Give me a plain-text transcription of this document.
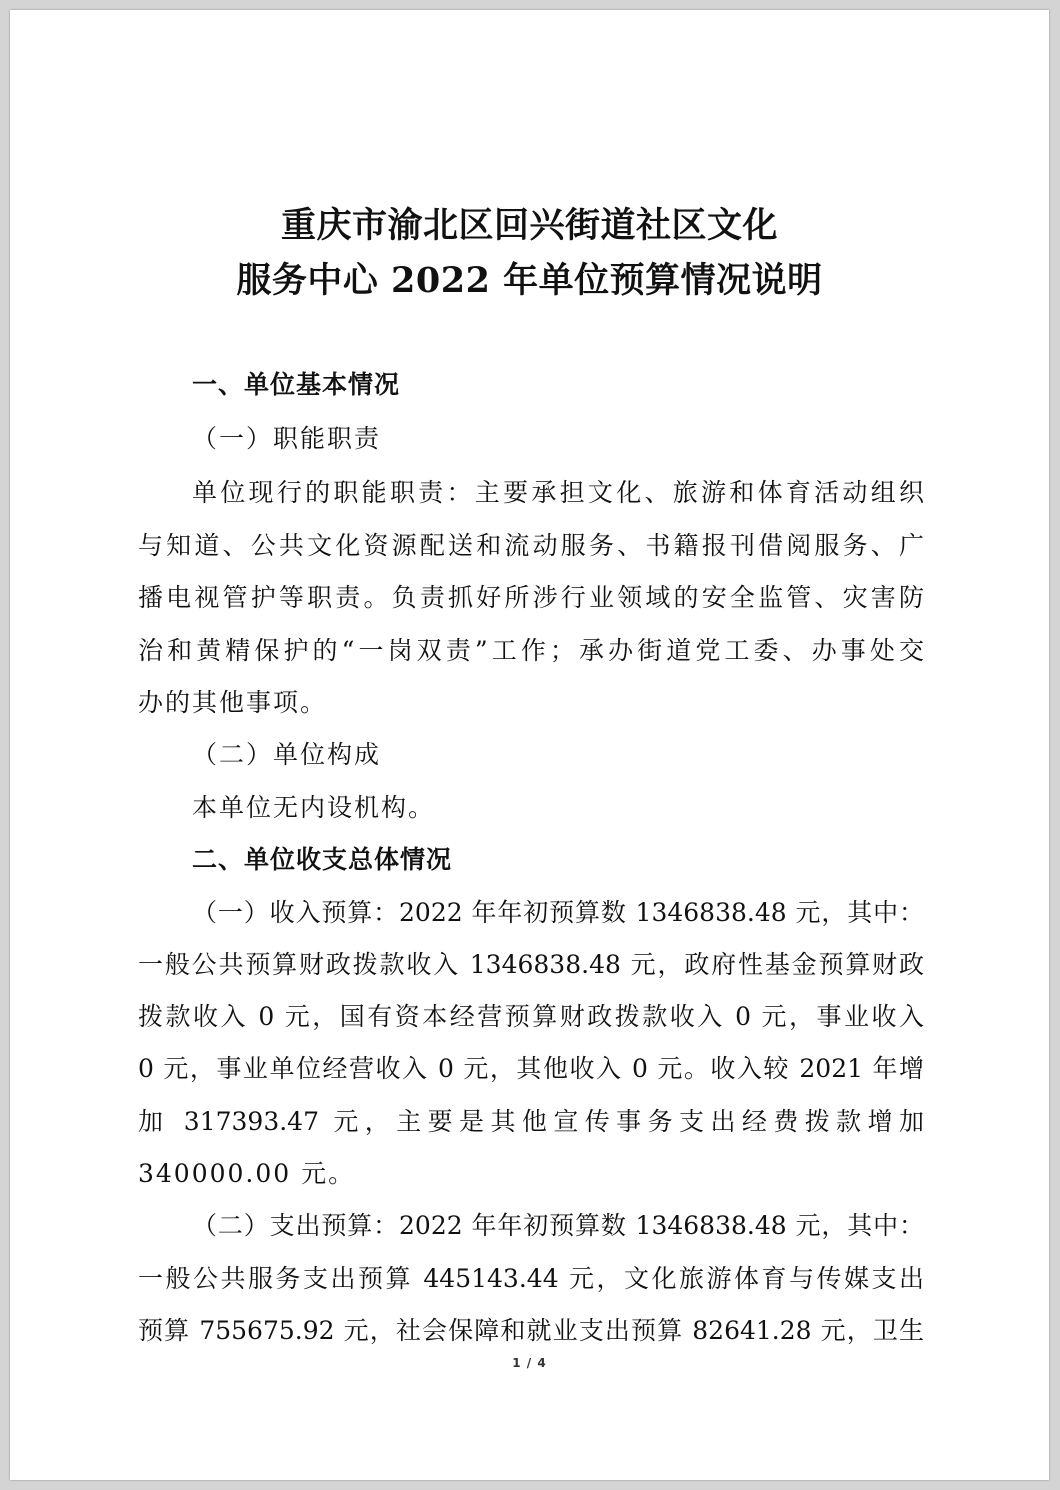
重庆市渝北区回兴街道社区文化
服务中心 2022 年单位预算情况说明
一、单位基本情况
（一）职能职责
单位现行的职能职责：主要承担文化、旅游和体育活动组织
与知道、公共文化资源配送和流动服务、书籍报刊借阅服务、广
播电视管护等职责。负责抓好所涉行业领域的安全监管、灾害防
治和黄精保护的“一岗双责”工作；承办街道党工委、办事处交
办的其他事项。
（二）单位构成
本单位无内设机构。
二、单位收支总体情况
（一）收入预算：2022 年年初预算数 1346838.48 元，其中：
一般公共预算财政拨款收入 1346838.48 元，政府性基金预算财政
拨款收入 0 元，国有资本经营预算财政拨款收入 0 元，事业收入
0 元，事业单位经营收入 0 元，其他收入 0 元。收入较 2021 年增
加 317393.47 元，主要是其他宣传事务支出经费拨款增加
340000.00 元。
（二）支出预算：2022 年年初预算数 1346838.48 元，其中：
一般公共服务支出预算 445143.44 元，文化旅游体育与传媒支出
预算 755675.92 元，社会保障和就业支出预算 82641.28 元，卫生
1 / 4
